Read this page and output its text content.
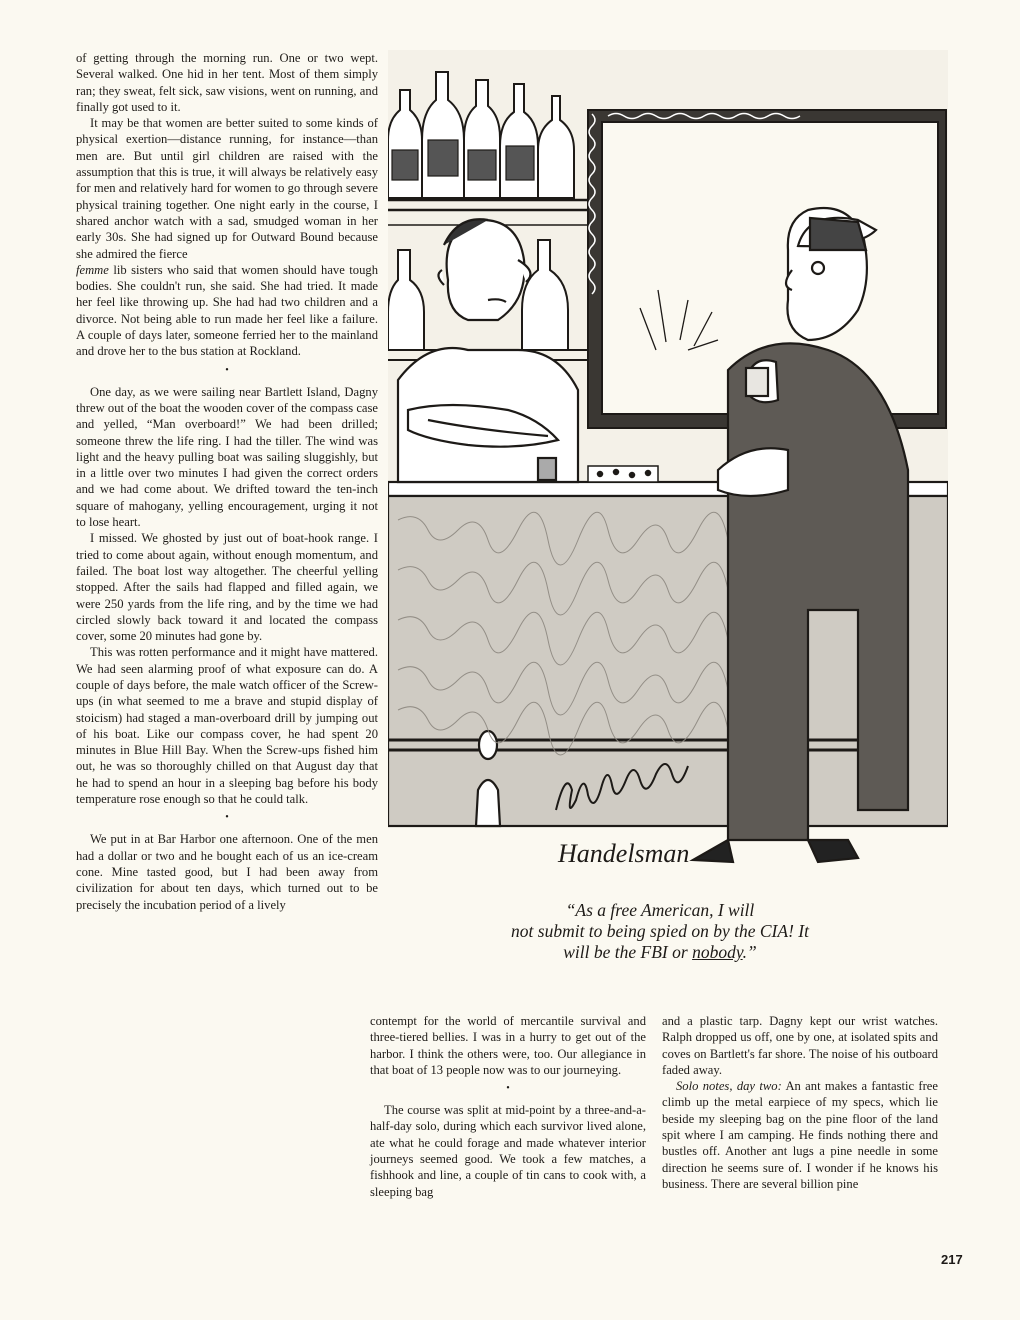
of getting through the morning run. One or two wept. Several walked. One hid in her tent. Most of them simply ran; they sweat, felt sick, saw visions, went on running, and finally got used to it.

It may be that women are better suited to some kinds of physical exertion—distance running, for instance—than men are. But until girl children are raised with the assumption that this is true, it will always be relatively easy for men and relatively hard for women to go through severe physical training together. One night early in the course, I shared anchor watch with a sad, smudged woman in her early 30s. She had signed up for Outward Bound because she admired the fierce

femme lib sisters who said that women should have tough bodies. She couldn't run, she said. She had tried. It made her feel like throwing up. She had had two children and a divorce. Not being able to run made her feel like a failure. A couple of days later, someone ferried her to the mainland and drove her to the bus station at Rockland.

•

One day, as we were sailing near Bartlett Island, Dagny threw out of the boat the wooden cover of the compass case and yelled, “Man overboard!” We had been drilled; someone threw the life ring. I had the tiller. The wind was light and the heavy pulling boat was sailing sluggishly, but in a little over two minutes I had given the correct orders and we had come about. We drifted toward the ten-inch square of mahogany, yelling encouragement, urging it not to lose heart.

I missed. We ghosted by just out of boat-hook range. I tried to come about again, without enough momentum, and failed. The boat lost way altogether. The cheerful yelling stopped. After the sails had flapped and filled again, we were 250 yards from the life ring, and by the time we had circled slowly back toward it and located the compass cover, some 20 minutes had gone by.

This was rotten performance and it might have mattered. We had seen alarming proof of what exposure can do. A couple of days before, the male watch officer of the Screw-ups (in what seemed to me a brave and stupid display of stoicism) had staged a man-overboard drill by jumping out of his boat. Like our compass cover, he had spent 20 minutes in Blue Hill Bay. When the Screw-ups fished him out, he was so thoroughly chilled on that August day that he had to spend an hour in a sleeping bag before his body temperature rose enough so that he could talk.

•

We put in at Bar Harbor one afternoon. One of the men had a dollar or two and he bought each of us an ice-cream cone. Mine tasted good, but I had been away from civilization for about ten days, which turned out to be precisely the incubation period of a lively

Handelsman
“As a free American, I will
not submit to being spied on by the CIA! It
will be the FBI or nobody.”

contempt for the world of mercantile survival and three-tiered bellies. I was in a hurry to get out of the harbor. I think the others were, too. Our allegiance in that boat of 13 people now was to our journeying.

•

The course was split at mid-point by a three-and-a-half-day solo, during which each survivor lived alone, ate what he could forage and made whatever interior journeys seemed good. We took a few matches, a fishhook and line, a couple of tin cans to cook with, a sleeping bag

and a plastic tarp. Dagny kept our wrist watches. Ralph dropped us off, one by one, at isolated spits and coves on Bartlett's far shore. The noise of his outboard faded away.

Solo notes, day two: An ant makes a fantastic free climb up the metal earpiece of my specs, which lie beside my sleeping bag on the pine floor of the land spit where I am camping. He finds nothing there and bustles off. Another ant lugs a pine needle in some direction he seems sure of. I wonder if he knows his business. There are several billion pine

217
